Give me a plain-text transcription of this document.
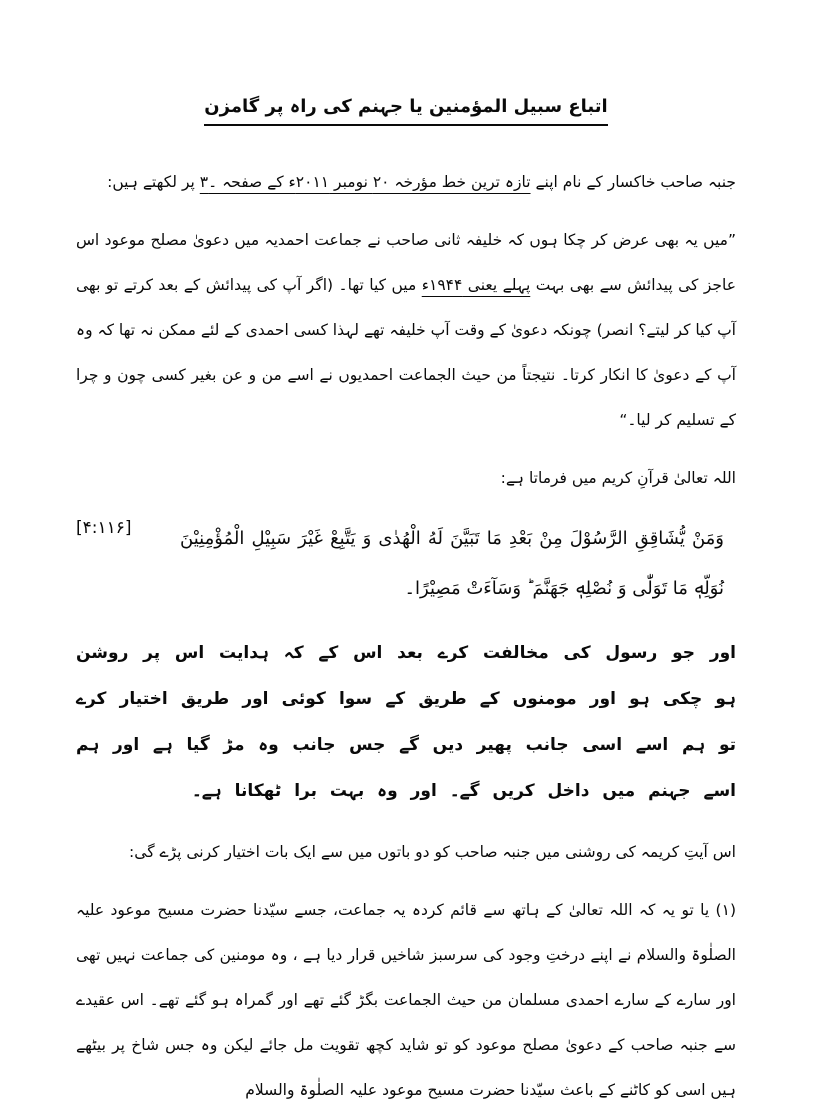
اتباع سبیل المؤمنین یا جہنم کی راہ پر گامزن

جنبہ صاحب خاکسار کے نام اپنے تازہ ترین خط مؤرخہ ۲۰ نومبر ۲۰۱۱ء کے صفحہ ۔۳ پر لکھتے ہیں:

”میں یہ بھی عرض کر چکا ہوں کہ خلیفہ ثانی صاحب نے جماعت احمدیہ میں دعویٰ مصلح موعود اس عاجز کی پیدائش سے بھی بہت پہلے یعنی ۱۹۴۴ء میں کیا تھا۔ (اگر آپ کی پیدائش کے بعد کرتے تو بھی آپ کیا کر لیتے؟ انصر) چونکہ دعویٰ کے وقت آپ خلیفہ تھے لہذا کسی احمدی کے لئے ممکن نہ تھا کہ وہ آپ کے دعویٰ کا انکار کرتا۔ نتیجتاً من حیث الجماعت احمدیوں نے اسے من و عن بغیر کسی چون و چرا کے تسلیم کر لیا۔“

اللہ تعالیٰ قرآنِ کریم میں فرماتا ہے:

[۴:۱۱۶]	وَمَنْ يُّشَاقِقِ الرَّسُوْلَ مِنْ بَعْدِ مَا تَبَيَّنَ لَهُ الْهُدٰى وَ يَتَّبِعْ غَيْرَ سَبِيْلِ الْمُؤْمِنِيْنَ نُوَلِّهٖ مَا تَوَلّٰى وَ نُصْلِهٖ جَهَنَّمَ ؕ وَسَآءَتْ مَصِيْرًا۔

اور جو رسول کی مخالفت کرے بعد اس کے کہ ہدایت اس پر روشن ہو چکی ہو اور مومنوں کے طریق کے سوا کوئی اور طریق اختیار کرے تو ہم اسے اسی جانب پھیر دیں گے جس جانب وہ مڑ گیا ہے اور ہم اسے جہنم میں داخل کریں گے۔ اور وہ بہت برا ٹھکانا ہے۔

اس آیتِ کریمہ کی روشنی میں جنبہ صاحب کو دو باتوں میں سے ایک بات اختیار کرنی پڑے گی:

(۱) یا تو یہ کہ اللہ تعالیٰ کے ہاتھ سے قائم کردہ یہ جماعت، جسے سیّدنا حضرت مسیح موعود علیہ الصلٰوۃ والسلام نے اپنے درختِ وجود کی سرسبز شاخیں قرار دیا ہے ، وہ مومنین کی جماعت نہیں تھی اور سارے کے سارے احمدی مسلمان من حیث الجماعت بگڑ گئے تھے اور گمراہ ہو گئے تھے۔ اس عقیدے سے جنبہ صاحب کے دعویٰ مصلح موعود کو تو شاید کچھ تقویت مل جائے لیکن وہ جس شاخ پر بیٹھے ہیں اسی کو کاٹنے کے باعث سیّدنا حضرت مسیح موعود علیہ الصلٰوۃ والسلام
